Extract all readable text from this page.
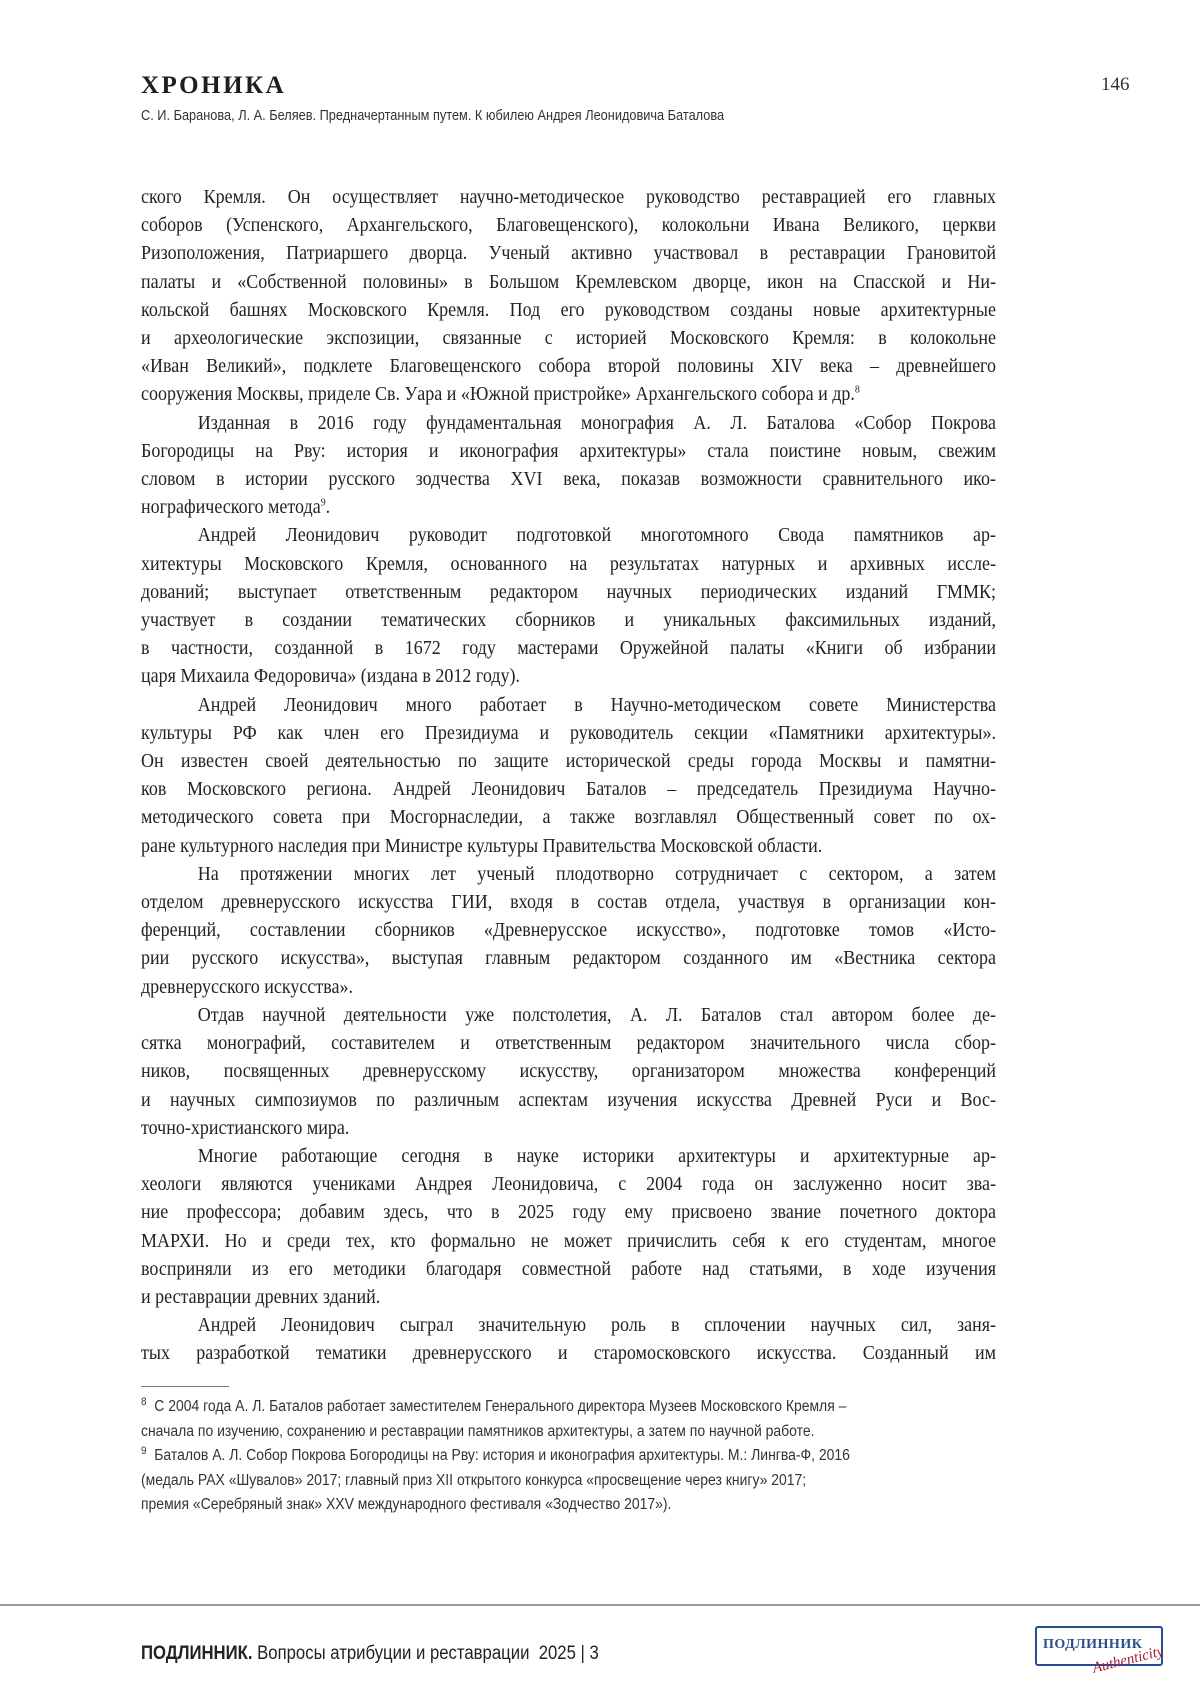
ХРОНИКА
С. И. Баранова, Л. А. Беляев. Предначертанным путем. К юбилею Андрея Леонидовича Баталова
146
ского Кремля. Он осуществляет научно-методическое руководство реставрацией его главных
соборов (Успенского, Архангельского, Благовещенского), колокольни Ивана Великого, церкви
Ризоположения, Патриаршего дворца. Ученый активно участвовал в реставрации Грановитой
палаты и «Собственной половины» в Большом Кремлевском дворце, икон на Спасской и Ни-
кольской башнях Московского Кремля. Под его руководством созданы новые архитектурные
и археологические экспозиции, связанные с историей Московского Кремля: в колокольне
«Иван Великий», подклете Благовещенского собора второй половины XIV века – древнейшего
сооружения Москвы, приделе Св. Уара и «Южной пристройке» Архангельского собора и др.8
Изданная в 2016 году фундаментальная монография А. Л. Баталова «Собор Покрова
Богородицы на Рву: история и иконография архитектуры» стала поистине новым, свежим
словом в истории русского зодчества XVI века, показав возможности сравнительного ико-
нографического метода9.
Андрей Леонидович руководит подготовкой многотомного Свода памятников ар-
хитектуры Московского Кремля, основанного на результатах натурных и архивных иссле-
дований; выступает ответственным редактором научных периодических изданий ГММК;
участвует в создании тематических сборников и уникальных факсимильных изданий,
в частности, созданной в 1672 году мастерами Оружейной палаты «Книги об избрании
царя Михаила Федоровича» (издана в 2012 году).
Андрей Леонидович много работает в Научно-методическом совете Министерства
культуры РФ как член его Президиума и руководитель секции «Памятники архитектуры».
Он известен своей деятельностью по защите исторической среды города Москвы и памятни-
ков Московского региона. Андрей Леонидович Баталов – председатель Президиума Научно-
методического совета при Мосгорнаследии, а также возглавлял Общественный совет по ох-
ране культурного наследия при Министре культуры Правительства Московской области.
На протяжении многих лет ученый плодотворно сотрудничает с сектором, а затем
отделом древнерусского искусства ГИИ, входя в состав отдела, участвуя в организации кон-
ференций, составлении сборников «Древнерусское искусство», подготовке томов «Исто-
рии русского искусства», выступая главным редактором созданного им «Вестника сектора
древнерусского искусства».
Отдав научной деятельности уже полстолетия, А. Л. Баталов стал автором более де-
сятка монографий, составителем и ответственным редактором значительного числа сбор-
ников, посвященных древнерусскому искусству, организатором множества конференций
и научных симпозиумов по различным аспектам изучения искусства Древней Руси и Вос-
точно-христианского мира.
Многие работающие сегодня в науке историки архитектуры и архитектурные ар-
хеологи являются учениками Андрея Леонидовича, с 2004 года он заслуженно носит зва-
ние профессора; добавим здесь, что в 2025 году ему присвоено звание почетного доктора
МАРХИ. Но и среди тех, кто формально не может причислить себя к его студентам, многое
восприняли из его методики благодаря совместной работе над статьями, в ходе изучения
и реставрации древних зданий.
Андрей Леонидович сыграл значительную роль в сплочении научных сил, заня-
тых разработкой тематики древнерусского и старомосковского искусства. Созданный им
8 С 2004 года А. Л. Баталов работает заместителем Генерального директора Музеев Московского Кремля –
сначала по изучению, сохранению и реставрации памятников архитектуры, а затем по научной работе.
9 Баталов А. Л. Собор Покрова Богородицы на Рву: история и иконография архитектуры. М.: Лингва-Ф, 2016
(медаль РАХ «Шувалов» 2017; главный приз XII открытого конкурса «просвещение через книгу» 2017;
премия «Серебряный знак» XXV международного фестиваля «Зодчество 2017»).
ПОДЛИННИК. Вопросы атрибуции и реставрации 2025 | 3	ПОДЛИННИК
Authenticity
